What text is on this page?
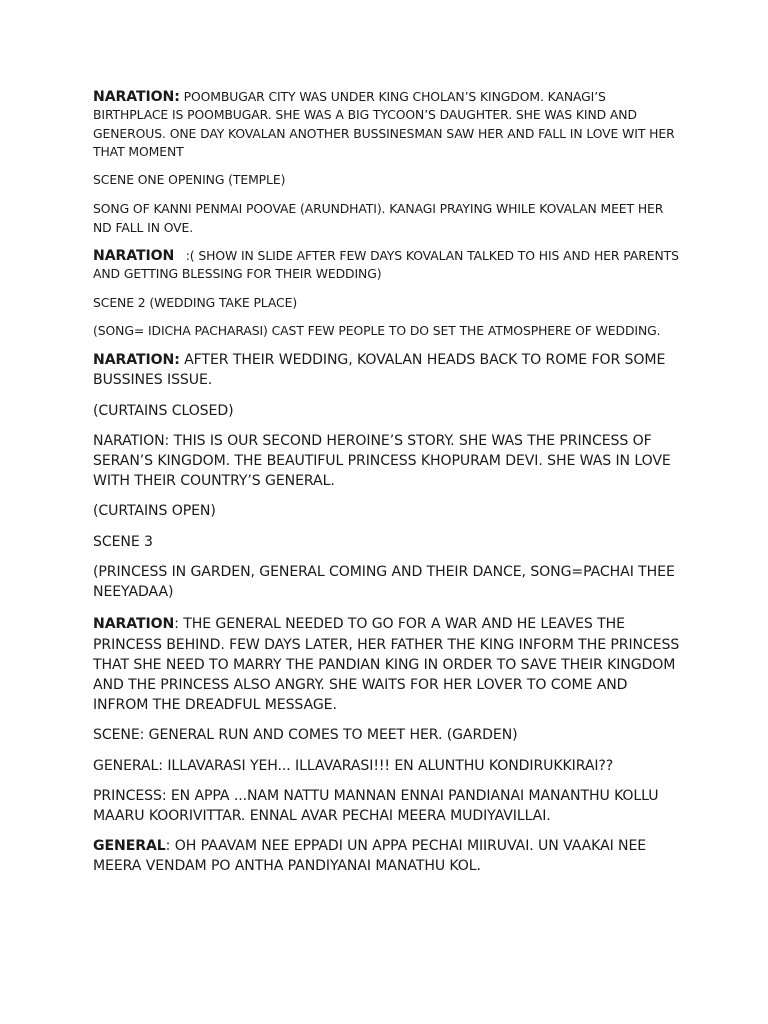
NARATION: POOMBUGAR CITY WAS UNDER KING CHOLAN’S KINGDOM. KANAGI’S BIRTHPLACE IS POOMBUGAR. SHE WAS A BIG TYCOON’S DAUGHTER. SHE WAS KIND AND GENEROUS. ONE DAY KOVALAN ANOTHER BUSSINESMAN SAW HER AND FALL IN LOVE WIT HER THAT MOMENT

SCENE ONE OPENING (TEMPLE)

SONG OF KANNI PENMAI POOVAE (ARUNDHATI). KANAGI PRAYING WHILE KOVALAN MEET HER ND FALL IN OVE.

NARATION   :( SHOW IN SLIDE AFTER FEW DAYS KOVALAN TALKED TO HIS AND HER PARENTS AND GETTING BLESSING FOR THEIR WEDDING)

SCENE 2 (WEDDING TAKE PLACE)

(SONG= IDICHA PACHARASI) CAST FEW PEOPLE TO DO SET THE ATMOSPHERE OF WEDDING.

NARATION: AFTER THEIR WEDDING, KOVALAN HEADS BACK TO ROME FOR SOME BUSSINES ISSUE.

(CURTAINS CLOSED)

NARATION: THIS IS OUR SECOND HEROINE’S STORY. SHE WAS THE PRINCESS OF SERAN’S KINGDOM. THE BEAUTIFUL PRINCESS KHOPURAM DEVI. SHE WAS IN LOVE WITH THEIR COUNTRY’S GENERAL.

(CURTAINS OPEN)

SCENE 3

(PRINCESS IN GARDEN, GENERAL COMING AND THEIR DANCE, SONG=PACHAI THEE NEEYADAA)

NARATION: THE GENERAL NEEDED TO GO FOR A WAR AND HE LEAVES THE PRINCESS BEHIND. FEW DAYS LATER, HER FATHER THE KING INFORM THE PRINCESS THAT SHE NEED TO MARRY THE PANDIAN KING IN ORDER TO SAVE THEIR KINGDOM AND THE PRINCESS ALSO ANGRY. SHE WAITS FOR HER LOVER TO COME AND INFROM THE DREADFUL MESSAGE.

SCENE: GENERAL RUN AND COMES TO MEET HER. (GARDEN)

GENERAL: ILLAVARASI YEH... ILLAVARASI!!! EN ALUNTHU KONDIRUKKIRAI??

PRINCESS: EN APPA ...NAM NATTU MANNAN ENNAI PANDIANAI MANANTHU KOLLU MAARU KOORIVITTAR. ENNAL AVAR PECHAI MEERA MUDIYAVILLAI.

GENERAL: OH PAAVAM NEE EPPADI UN APPA PECHAI MIIRUVAI. UN VAAKAI NEE MEERA VENDAM PO ANTHA PANDIYANAI MANATHU KOL.
